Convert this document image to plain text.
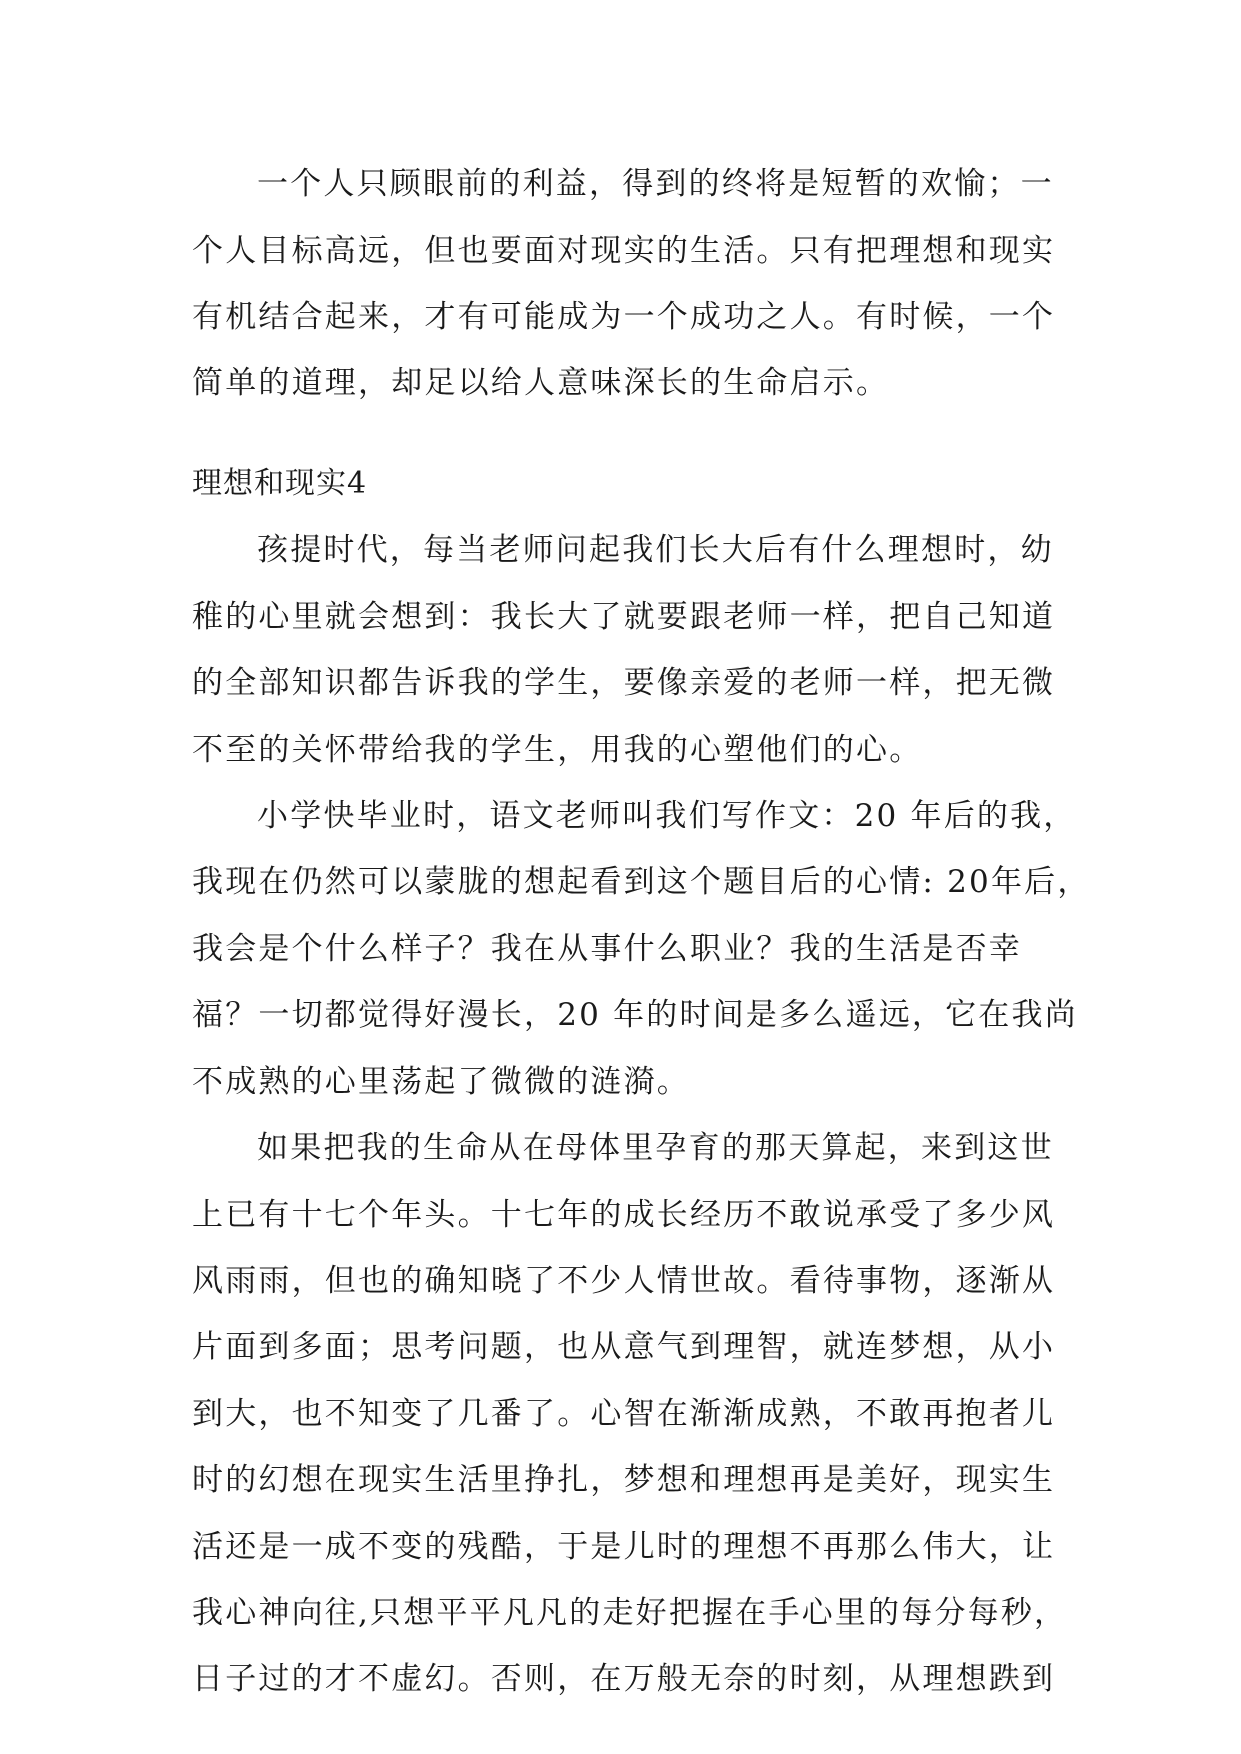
一个人只顾眼前的利益，得到的终将是短暂的欢愉；一
个人目标高远，但也要面对现实的生活。只有把理想和现实
有机结合起来，才有可能成为一个成功之人。有时候，一个
简单的道理，却足以给人意味深长的生命启示。
理想和现实4
孩提时代，每当老师问起我们长大后有什么理想时，幼
稚的心里就会想到：我长大了就要跟老师一样，把自己知道
的全部知识都告诉我的学生，要像亲爱的老师一样，把无微
不至的关怀带给我的学生，用我的心塑他们的心。
小学快毕业时，语文老师叫我们写作文：20 年后的我，
我现在仍然可以蒙胧的想起看到这个题目后的心情: 20年后，
我会是个什么样子？我在从事什么职业？我的生活是否幸
福？一切都觉得好漫长，20 年的时间是多么遥远，它在我尚
不成熟的心里荡起了微微的涟漪。
如果把我的生命从在母体里孕育的那天算起，来到这世
上已有十七个年头。十七年的成长经历不敢说承受了多少风
风雨雨，但也的确知晓了不少人情世故。看待事物，逐渐从
片面到多面；思考问题，也从意气到理智，就连梦想，从小
到大，也不知变了几番了。心智在渐渐成熟，不敢再抱者儿
时的幻想在现实生活里挣扎，梦想和理想再是美好，现实生
活还是一成不变的残酷，于是儿时的理想不再那么伟大，让
我心神向往,只想平平凡凡的走好把握在手心里的每分每秒，
日子过的才不虚幻。否则，在万般无奈的时刻，从理想跌到
